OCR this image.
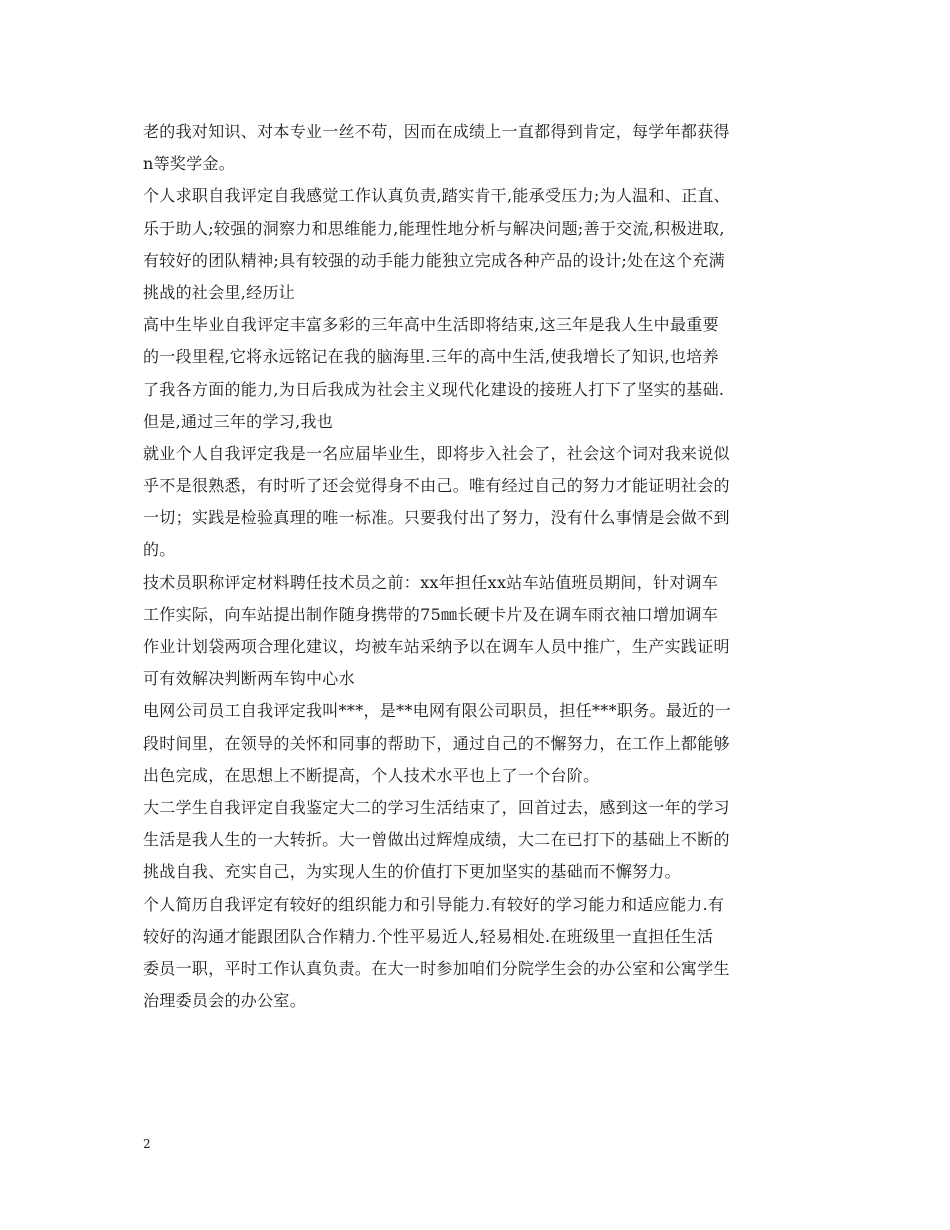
老的我对知识、对本专业一丝不苟，因而在成绩上一直都得到肯定，每学年都获得
n等奖学金。
个人求职自我评定自我感觉工作认真负责,踏实肯干,能承受压力;为人温和、正直、
乐于助人;较强的洞察力和思维能力,能理性地分析与解决问题;善于交流,积极进取,
有较好的团队精神;具有较强的动手能力能独立完成各种产品的设计;处在这个充满
挑战的社会里,经历让
高中生毕业自我评定丰富多彩的三年高中生活即将结束,这三年是我人生中最重要
的一段里程,它将永远铭记在我的脑海里.三年的高中生活,使我增长了知识,也培养
了我各方面的能力,为日后我成为社会主义现代化建设的接班人打下了坚实的基础.
但是,通过三年的学习,我也
就业个人自我评定我是一名应届毕业生，即将步入社会了，社会这个词对我来说似
乎不是很熟悉，有时听了还会觉得身不由己。唯有经过自己的努力才能证明社会的
一切；实践是检验真理的唯一标准。只要我付出了努力，没有什么事情是会做不到
的。
技术员职称评定材料聘任技术员之前：xx年担任xx站车站值班员期间，针对调车
工作实际，向车站提出制作随身携带的75㎜长硬卡片及在调车雨衣袖口增加调车
作业计划袋两项合理化建议，均被车站采纳予以在调车人员中推广，生产实践证明
可有效解决判断两车钩中心水
电网公司员工自我评定我叫***，是**电网有限公司职员，担任***职务。最近的一
段时间里，在领导的关怀和同事的帮助下，通过自己的不懈努力，在工作上都能够
出色完成，在思想上不断提高，个人技术水平也上了一个台阶。
大二学生自我评定自我鉴定大二的学习生活结束了，回首过去，感到这一年的学习
生活是我人生的一大转折。大一曾做出过辉煌成绩，大二在已打下的基础上不断的
挑战自我、充实自己，为实现人生的价值打下更加坚实的基础而不懈努力。
个人简历自我评定有较好的组织能力和引导能力.有较好的学习能力和适应能力.有
较好的沟通才能跟团队合作精力.个性平易近人,轻易相处.在班级里一直担任生活
委员一职，平时工作认真负责。在大一时参加咱们分院学生会的办公室和公寓学生
治理委员会的办公室。
2
